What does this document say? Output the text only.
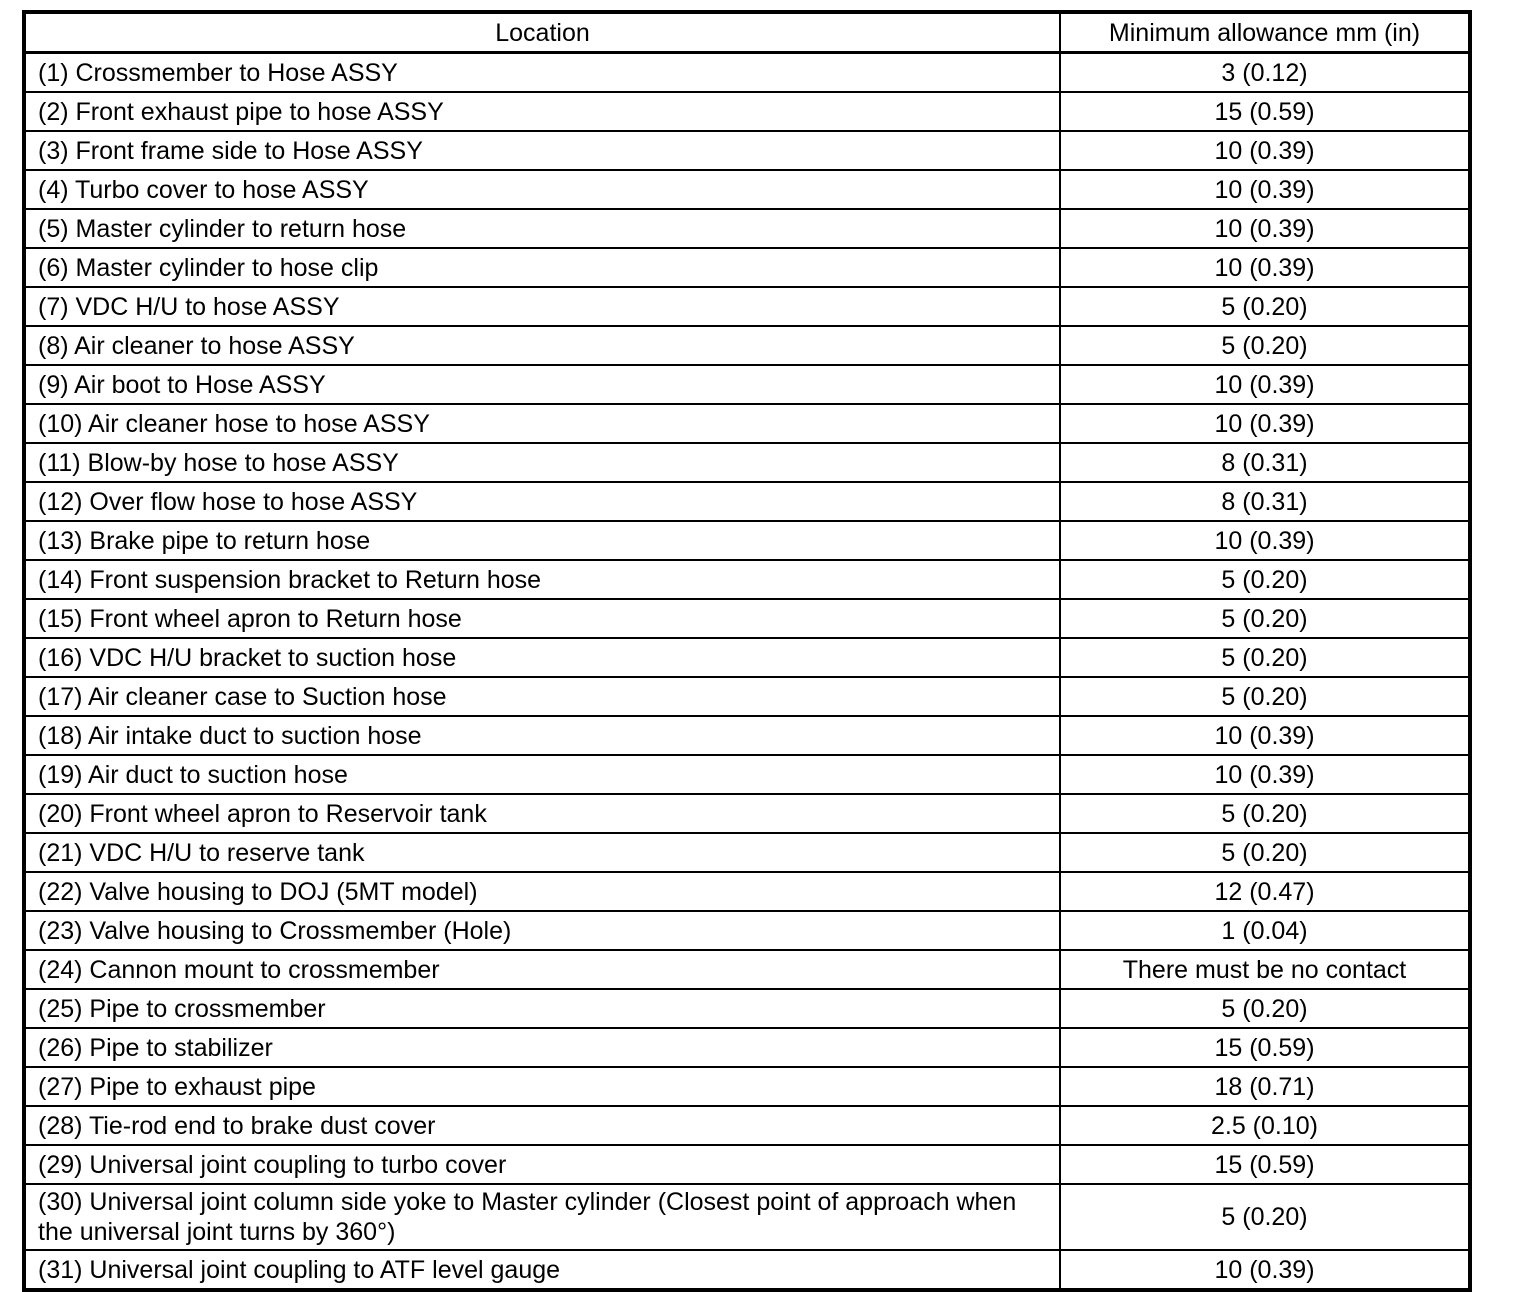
Location	Minimum allowance mm (in)
(1) Crossmember to Hose ASSY	3 (0.12)
(2) Front exhaust pipe to hose ASSY	15 (0.59)
(3) Front frame side to Hose ASSY	10 (0.39)
(4) Turbo cover to hose ASSY	10 (0.39)
(5) Master cylinder to return hose	10 (0.39)
(6) Master cylinder to hose clip	10 (0.39)
(7) VDC H/U to hose ASSY	5 (0.20)
(8) Air cleaner to hose ASSY	5 (0.20)
(9) Air boot to Hose ASSY	10 (0.39)
(10) Air cleaner hose to hose ASSY	10 (0.39)
(11) Blow-by hose to hose ASSY	8 (0.31)
(12) Over flow hose to hose ASSY	8 (0.31)
(13) Brake pipe to return hose	10 (0.39)
(14) Front suspension bracket to Return hose	5 (0.20)
(15) Front wheel apron to Return hose	5 (0.20)
(16) VDC H/U bracket to suction hose	5 (0.20)
(17) Air cleaner case to Suction hose	5 (0.20)
(18) Air intake duct to suction hose	10 (0.39)
(19) Air duct to suction hose	10 (0.39)
(20) Front wheel apron to Reservoir tank	5 (0.20)
(21) VDC H/U to reserve tank	5 (0.20)
(22) Valve housing to DOJ (5MT model)	12 (0.47)
(23) Valve housing to Crossmember (Hole)	1 (0.04)
(24) Cannon mount to crossmember	There must be no contact
(25) Pipe to crossmember	5 (0.20)
(26) Pipe to stabilizer	15 (0.59)
(27) Pipe to exhaust pipe	18 (0.71)
(28) Tie-rod end to brake dust cover	2.5 (0.10)
(29) Universal joint coupling to turbo cover	15 (0.59)
(30) Universal joint column side yoke to Master cylinder (Closest point of approach when the universal joint turns by 360°)	5 (0.20)
(31) Universal joint coupling to ATF level gauge	10 (0.39)
